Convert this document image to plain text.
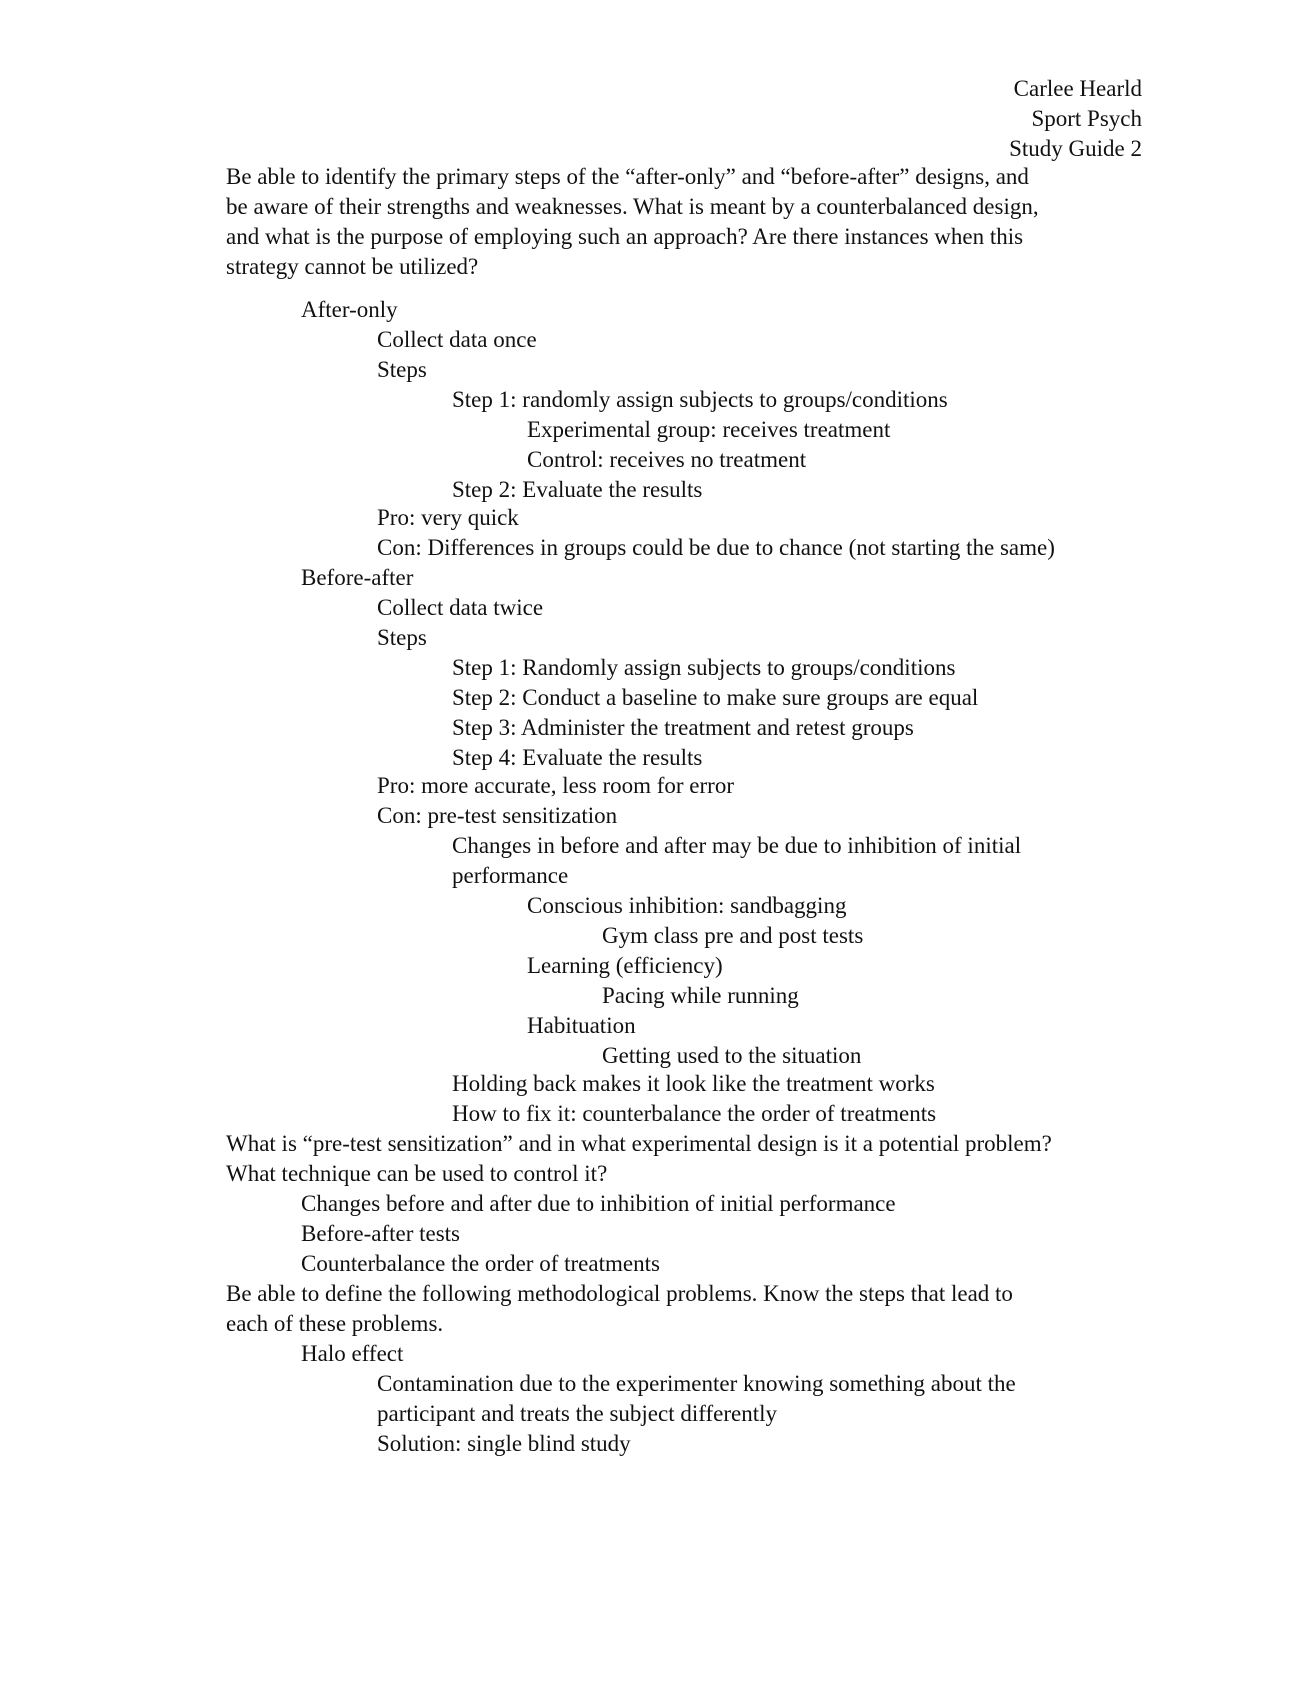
Carlee Hearld
Sport Psych
Study Guide 2
Be able to identify the primary steps of the “after-only” and “before-after” designs, and
be aware of their strengths and weaknesses. What is meant by a counterbalanced design,
and what is the purpose of employing such an approach? Are there instances when this
strategy cannot be utilized?
After-only
Collect data once
Steps
Step 1: randomly assign subjects to groups/conditions
Experimental group: receives treatment
Control: receives no treatment
Step 2: Evaluate the results
Pro: very quick
Con: Differences in groups could be due to chance (not starting the same)
Before-after
Collect data twice
Steps
Step 1: Randomly assign subjects to groups/conditions
Step 2: Conduct a baseline to make sure groups are equal
Step 3: Administer the treatment and retest groups
Step 4: Evaluate the results
Pro: more accurate, less room for error
Con: pre-test sensitization
Changes in before and after may be due to inhibition of initial
performance
Conscious inhibition: sandbagging
Gym class pre and post tests
Learning (efficiency)
Pacing while running
Habituation
Getting used to the situation
Holding back makes it look like the treatment works
How to fix it: counterbalance the order of treatments
What is “pre-test sensitization” and in what experimental design is it a potential problem?
What technique can be used to control it?
Changes before and after due to inhibition of initial performance
Before-after tests
Counterbalance the order of treatments
Be able to define the following methodological problems. Know the steps that lead to
each of these problems.
Halo effect
Contamination due to the experimenter knowing something about the
participant and treats the subject differently
Solution: single blind study
